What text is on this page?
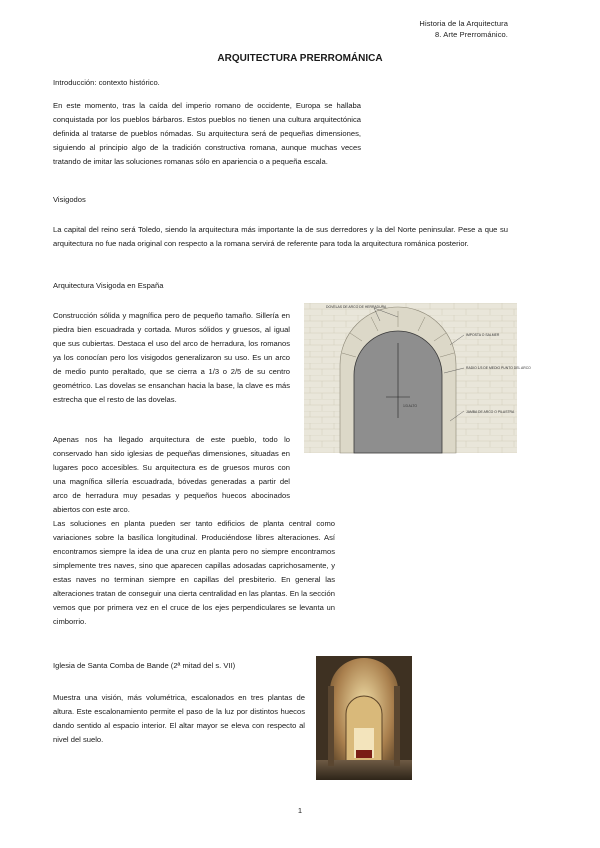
Historia de la Arquitectura
8. Arte Prerrománico.
ARQUITECTURA PRERROMÁNICA
Introducción: contexto histórico.
En este momento, tras la caída del imperio romano de occidente, Europa se hallaba conquistada por los pueblos bárbaros. Estos pueblos no tienen una cultura arquitectónica definida al tratarse de pueblos nómadas. Su arquitectura será de pequeñas dimensiones, siguiendo al principio algo de la tradición constructiva romana, aunque muchas veces tratando de imitar las soluciones romanas sólo en apariencia o a pequeña escala.
Visigodos
La capital del reino será Toledo, siendo la arquitectura más importante la de sus derredores y la del Norte peninsular. Pese a que su arquitectura no fue nada original con respecto a la romana servirá de referente para toda la arquitectura románica posterior.
Arquitectura Visigoda en España
Construcción sólida y magnífica pero de pequeño tamaño. Sillería en piedra bien escuadrada y cortada. Muros sólidos y gruesos, al igual que sus cubiertas. Destaca el uso del arco de herradura, los romanos ya los conocían pero los visigodos generalizaron su uso. Es un arco de medio punto peraltado, que se cierra a 1/3 o 2/5 de su centro geométrico. Las dovelas se ensanchan hacia la base, la clave es más estrecha que el resto de las dovelas.
Apenas nos ha llegado arquitectura de este pueblo, todo lo conservado han sido iglesias de pequeñas dimensiones, situadas en lugares poco accesibles. Su arquitectura es de gruesos muros con una magnífica sillería escuadrada, bóvedas generadas a partir del arco de herradura muy pesadas y pequeños huecos abocinados abiertos con este arco.
Las soluciones en planta pueden ser tanto edificios de planta central como variaciones sobre la basílica longitudinal. Produciéndose libres alteraciones. Así encontramos siempre la idea de una cruz en planta pero no siempre encontramos simplemente tres naves, sino que aparecen capillas adosadas caprichosamente, y estas naves no terminan siempre en capillas del presbiterio. En general las alteraciones tratan de conseguir una cierta centralidad en las plantas. En la sección vemos que por primera vez en el cruce de los ejes perpendiculares se levanta un cimborrio.
DOVELAS DE ARCO DE HERRADURA
IMPOSTA O SALMER
RADIO 1/3 DE MEDIO PUNTO DEL ARCO
1/3 ALTO
JAMBA DE ARCO O PILASTRA
Iglesia de Santa Comba de Bande (2ª mitad del s. VII)
Muestra una visión, más volumétrica, escalonados en tres plantas de altura. Este escalonamiento permite el paso de la luz por distintos huecos dando sentido al espacio interior. El altar mayor se eleva con respecto al nivel del suelo.
1
